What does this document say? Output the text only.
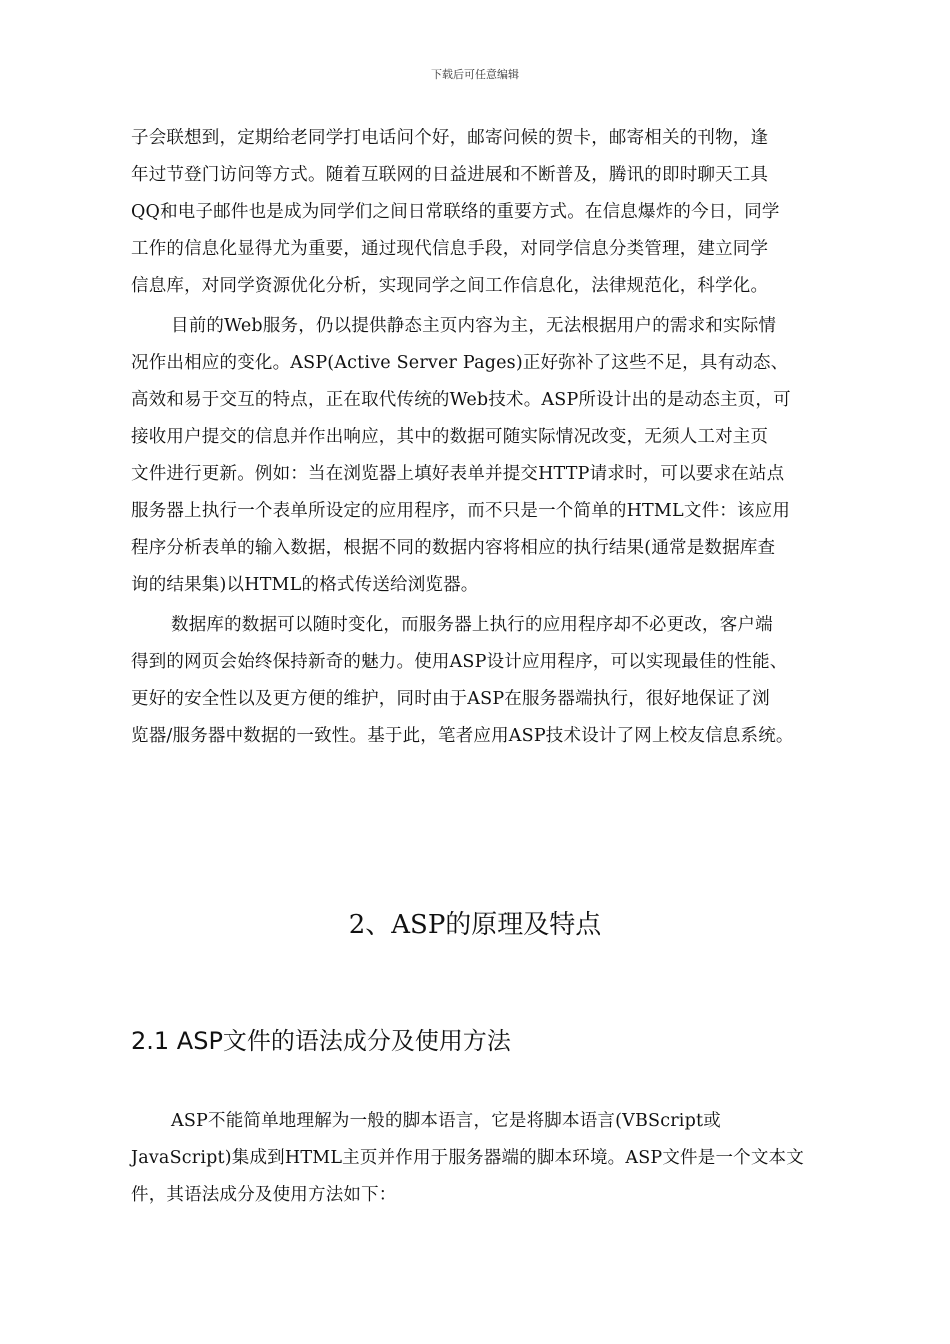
下载后可任意编辑
子会联想到，定期给老同学打电话问个好，邮寄问候的贺卡，邮寄相关的刊物，逢
年过节登门访问等方式。随着互联网的日益进展和不断普及，腾讯的即时聊天工具
QQ和电子邮件也是成为同学们之间日常联络的重要方式。在信息爆炸的今日，同学
工作的信息化显得尤为重要，通过现代信息手段，对同学信息分类管理，建立同学
信息库，对同学资源优化分析，实现同学之间工作信息化，法律规范化，科学化。
目前的Web服务，仍以提供静态主页内容为主，无法根据用户的需求和实际情
况作出相应的变化。ASP(Active Server Pages)正好弥补了这些不足，具有动态、
高效和易于交互的特点，正在取代传统的Web技术。ASP所设计出的是动态主页，可
接收用户提交的信息并作出响应，其中的数据可随实际情况改变，无须人工对主页
文件进行更新。例如：当在浏览器上填好表单并提交HTTP请求时，可以要求在站点
服务器上执行一个表单所设定的应用程序，而不只是一个简单的HTML文件：该应用
程序分析表单的输入数据，根据不同的数据内容将相应的执行结果(通常是数据库查
询的结果集)以HTML的格式传送给浏览器。
数据库的数据可以随时变化，而服务器上执行的应用程序却不必更改，客户端
得到的网页会始终保持新奇的魅力。使用ASP设计应用程序，可以实现最佳的性能、
更好的安全性以及更方便的维护，同时由于ASP在服务器端执行，很好地保证了浏
览器/服务器中数据的一致性。基于此，笔者应用ASP技术设计了网上校友信息系统。
2、ASP的原理及特点
2.1 ASP文件的语法成分及使用方法
ASP不能简单地理解为一般的脚本语言，它是将脚本语言(VBScript或
JavaScript)集成到HTML主页并作用于服务器端的脚本环境。ASP文件是一个文本文
件，其语法成分及使用方法如下：
